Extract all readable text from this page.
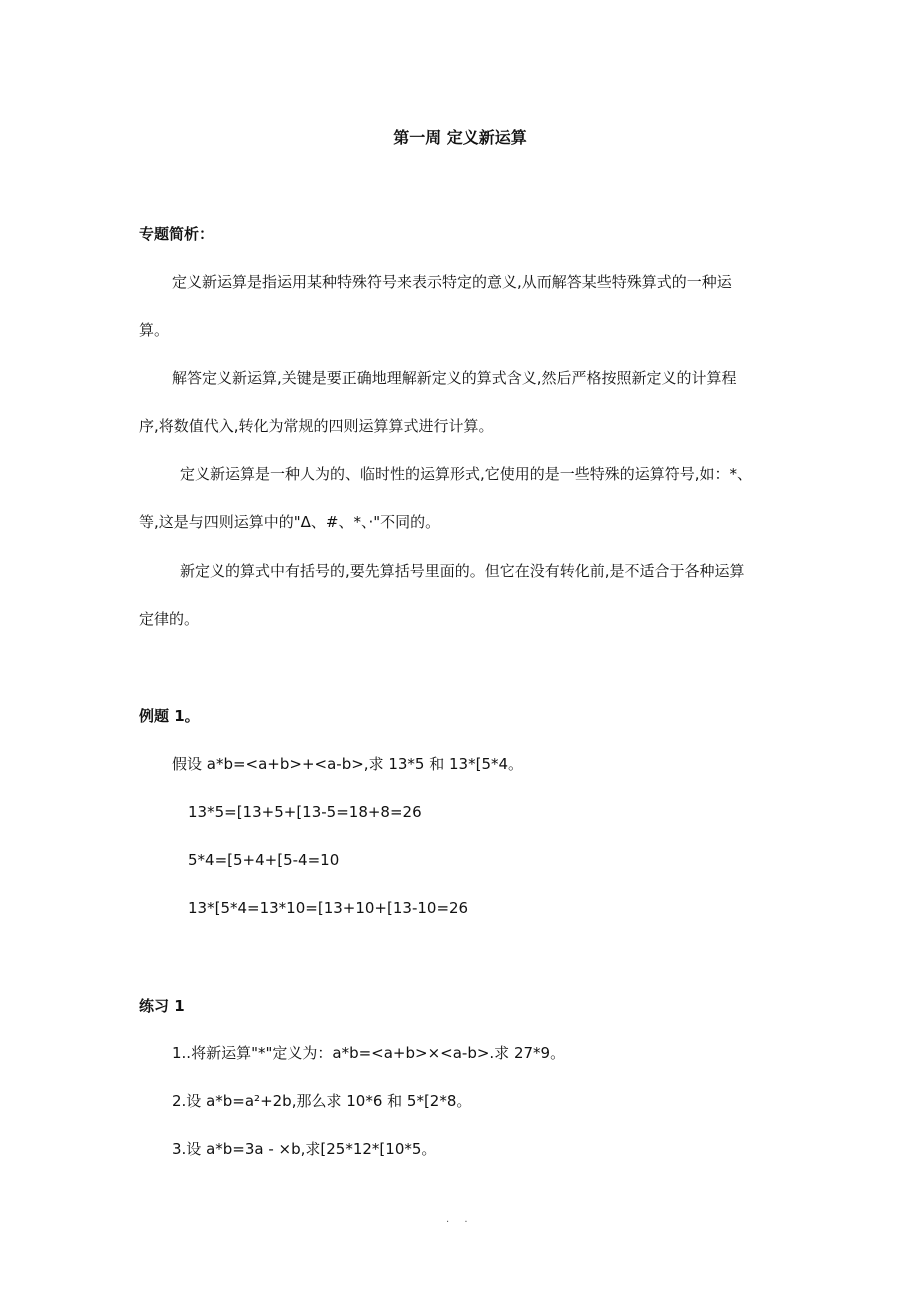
第一周 定义新运算
专题简析：
定义新运算是指运用某种特殊符号来表示特定的意义,从而解答某些特殊算式的一种运
算。
解答定义新运算,关键是要正确地理解新定义的算式含义,然后严格按照新定义的计算程
序,将数值代入,转化为常规的四则运算算式进行计算。
定义新运算是一种人为的、临时性的运算形式,它使用的是一些特殊的运算符号,如：*、
等,这是与四则运算中的"Δ、#、*、·"不同的。
新定义的算式中有括号的,要先算括号里面的。但它在没有转化前,是不适合于各种运算
定律的。
例题 1。
假设 a*b=<a+b>+<a-b>,求 13*5 和 13*[5*4。
13*5=[13+5+[13-5=18+8=26
5*4=[5+4+[5-4=10
13*[5*4=13*10=[13+10+[13-10=26
练习 1
1..将新运算"*"定义为：a*b=<a+b>×<a-b>.求 27*9。
2.设 a*b=a²+2b,那么求 10*6 和 5*[2*8。
3.设 a*b=3a - ×b,求[25*12*[10*5。
. .
